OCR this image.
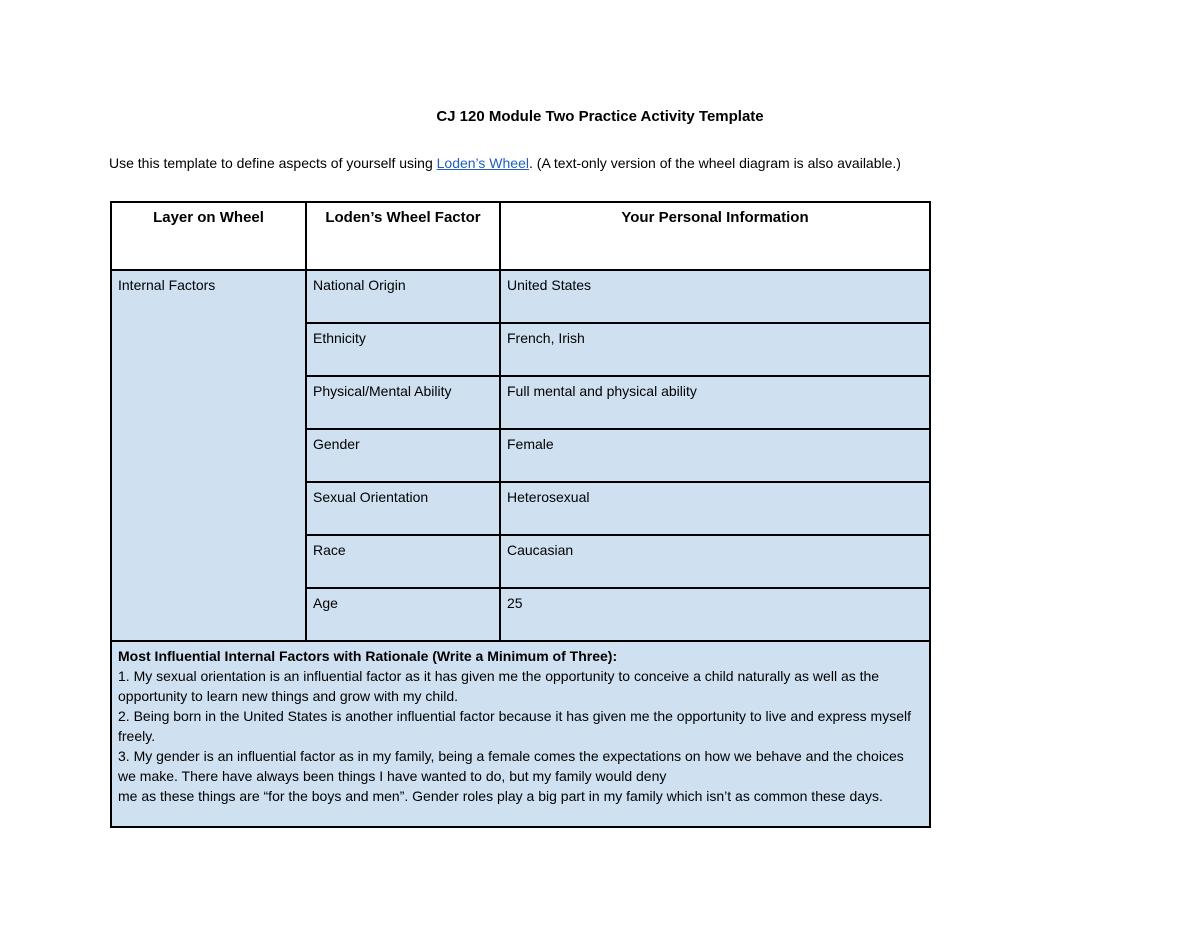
CJ 120 Module Two Practice Activity Template
Use this template to define aspects of yourself using Loden’s Wheel. (A text-only version of the wheel diagram is also available.)
Layer on Wheel	Loden’s Wheel Factor	Your Personal Information
Internal Factors	National Origin	United States
	Ethnicity	French, Irish
	Physical/Mental Ability	Full mental and physical ability
	Gender	Female
	Sexual Orientation	Heterosexual
	Race	Caucasian
	Age	25

Most Influential Internal Factors with Rationale (Write a Minimum of Three):
1. My sexual orientation is an influential factor as it has given me the opportunity to conceive a child naturally as well as the opportunity to learn new things and grow with my child.
2. Being born in the United States is another influential factor because it has given me the opportunity to live and express myself freely.
3. My gender is an influential factor as in my family, being a female comes the expectations on how we behave and the choices we make. There have always been things I have wanted to do, but my family would deny
me as these things are “for the boys and men”. Gender roles play a big part in my family which isn’t as common these days.		
